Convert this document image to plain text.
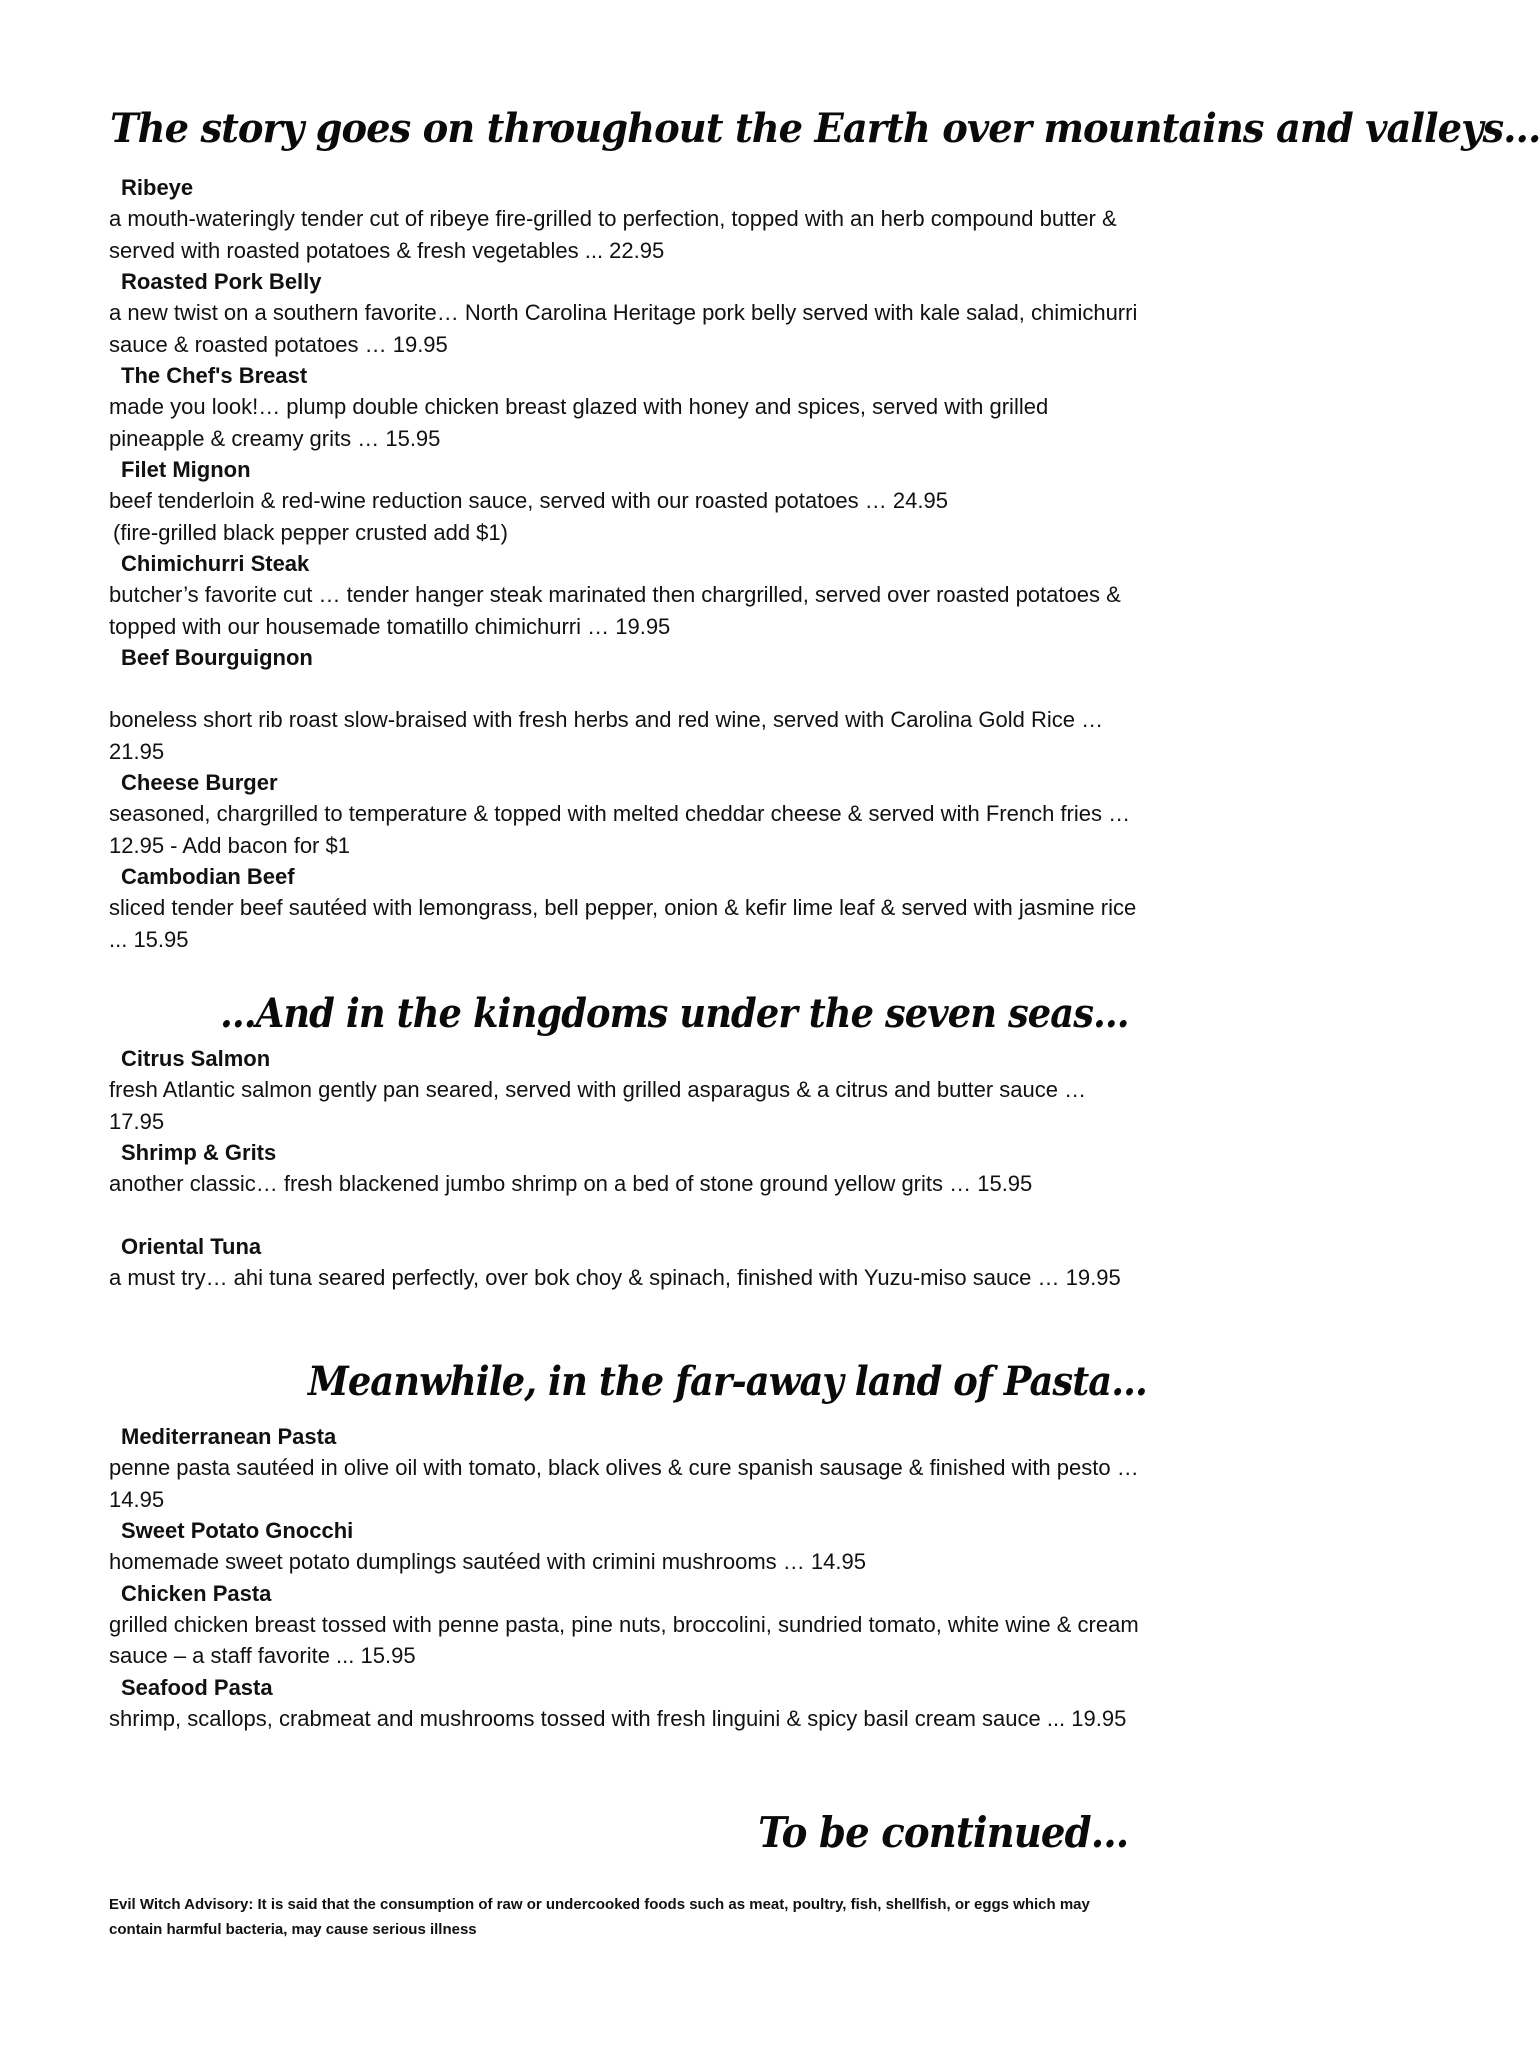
The story goes on throughout the Earth over mountains and valleys...
Ribeye
a mouth-wateringly tender cut of ribeye fire-grilled to perfection, topped with an herb compound butter & served with roasted potatoes & fresh vegetables ... 22.95
Roasted Pork Belly
a new twist on a southern favorite… North Carolina Heritage pork belly served with kale salad, chimichurri sauce & roasted potatoes … 19.95
The Chef's Breast
made you look!… plump double chicken breast glazed with honey and spices, served with grilled pineapple & creamy grits … 15.95
Filet Mignon
beef tenderloin & red-wine reduction sauce, served with our roasted potatoes … 24.95
(fire-grilled black pepper crusted add $1)
Chimichurri Steak
butcher’s favorite cut … tender hanger steak marinated then chargrilled, served over roasted potatoes & topped with our housemade tomatillo chimichurri … 19.95
Beef Bourguignon
boneless short rib roast slow-braised with fresh herbs and red wine, served with Carolina Gold Rice … 21.95
Cheese Burger
seasoned, chargrilled to temperature & topped with melted cheddar cheese & served with French fries … 12.95 - Add bacon for $1
Cambodian Beef
sliced tender beef sautéed with lemongrass, bell pepper, onion & kefir lime leaf & served with jasmine rice ... 15.95
...And in the kingdoms under the seven seas...
Citrus Salmon
fresh Atlantic salmon gently pan seared, served with grilled asparagus & a citrus and butter sauce … 17.95
Shrimp & Grits
another classic… fresh blackened jumbo shrimp on a bed of stone ground yellow grits … 15.95
Oriental Tuna
a must try… ahi tuna seared perfectly, over bok choy & spinach, finished with Yuzu-miso sauce … 19.95
Meanwhile, in the far-away land of Pasta...
Mediterranean Pasta
penne pasta sautéed in olive oil with tomato, black olives & cure spanish sausage & finished with pesto … 14.95
Sweet Potato Gnocchi
homemade sweet potato dumplings sautéed with crimini mushrooms … 14.95
Chicken Pasta
grilled chicken breast tossed with penne pasta, pine nuts, broccolini, sundried tomato, white wine & cream sauce – a staff favorite ... 15.95
Seafood Pasta
shrimp, scallops, crabmeat and mushrooms tossed with fresh linguini & spicy basil cream sauce ... 19.95
To be continued...
Evil Witch Advisory: It is said that the consumption of raw or undercooked foods such as meat, poultry, fish, shellfish, or eggs which may contain harmful bacteria, may cause serious illness
